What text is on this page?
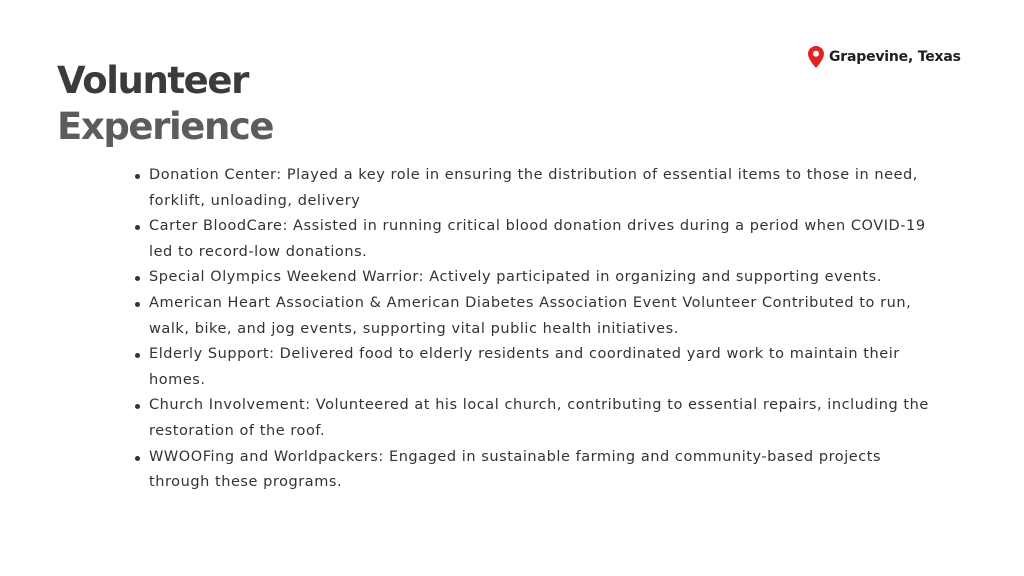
Grapevine, Texas
Volunteer
Experience
Donation Center: Played a key role in ensuring the distribution of essential items to those in need, forklift, unloading, delivery
Carter BloodCare: Assisted in running critical blood donation drives during a period when COVID-19 led to record-low donations.
Special Olympics Weekend Warrior: Actively participated in organizing and supporting events.
American Heart Association & American Diabetes Association Event Volunteer Contributed to run, walk, bike, and jog events, supporting vital public health initiatives.
Elderly Support: Delivered food to elderly residents and coordinated yard work to maintain their homes.
Church Involvement: Volunteered at his local church, contributing to essential repairs, including the restoration of the roof.
WWOOFing and Worldpackers: Engaged in sustainable farming and community-based projects through these programs.
